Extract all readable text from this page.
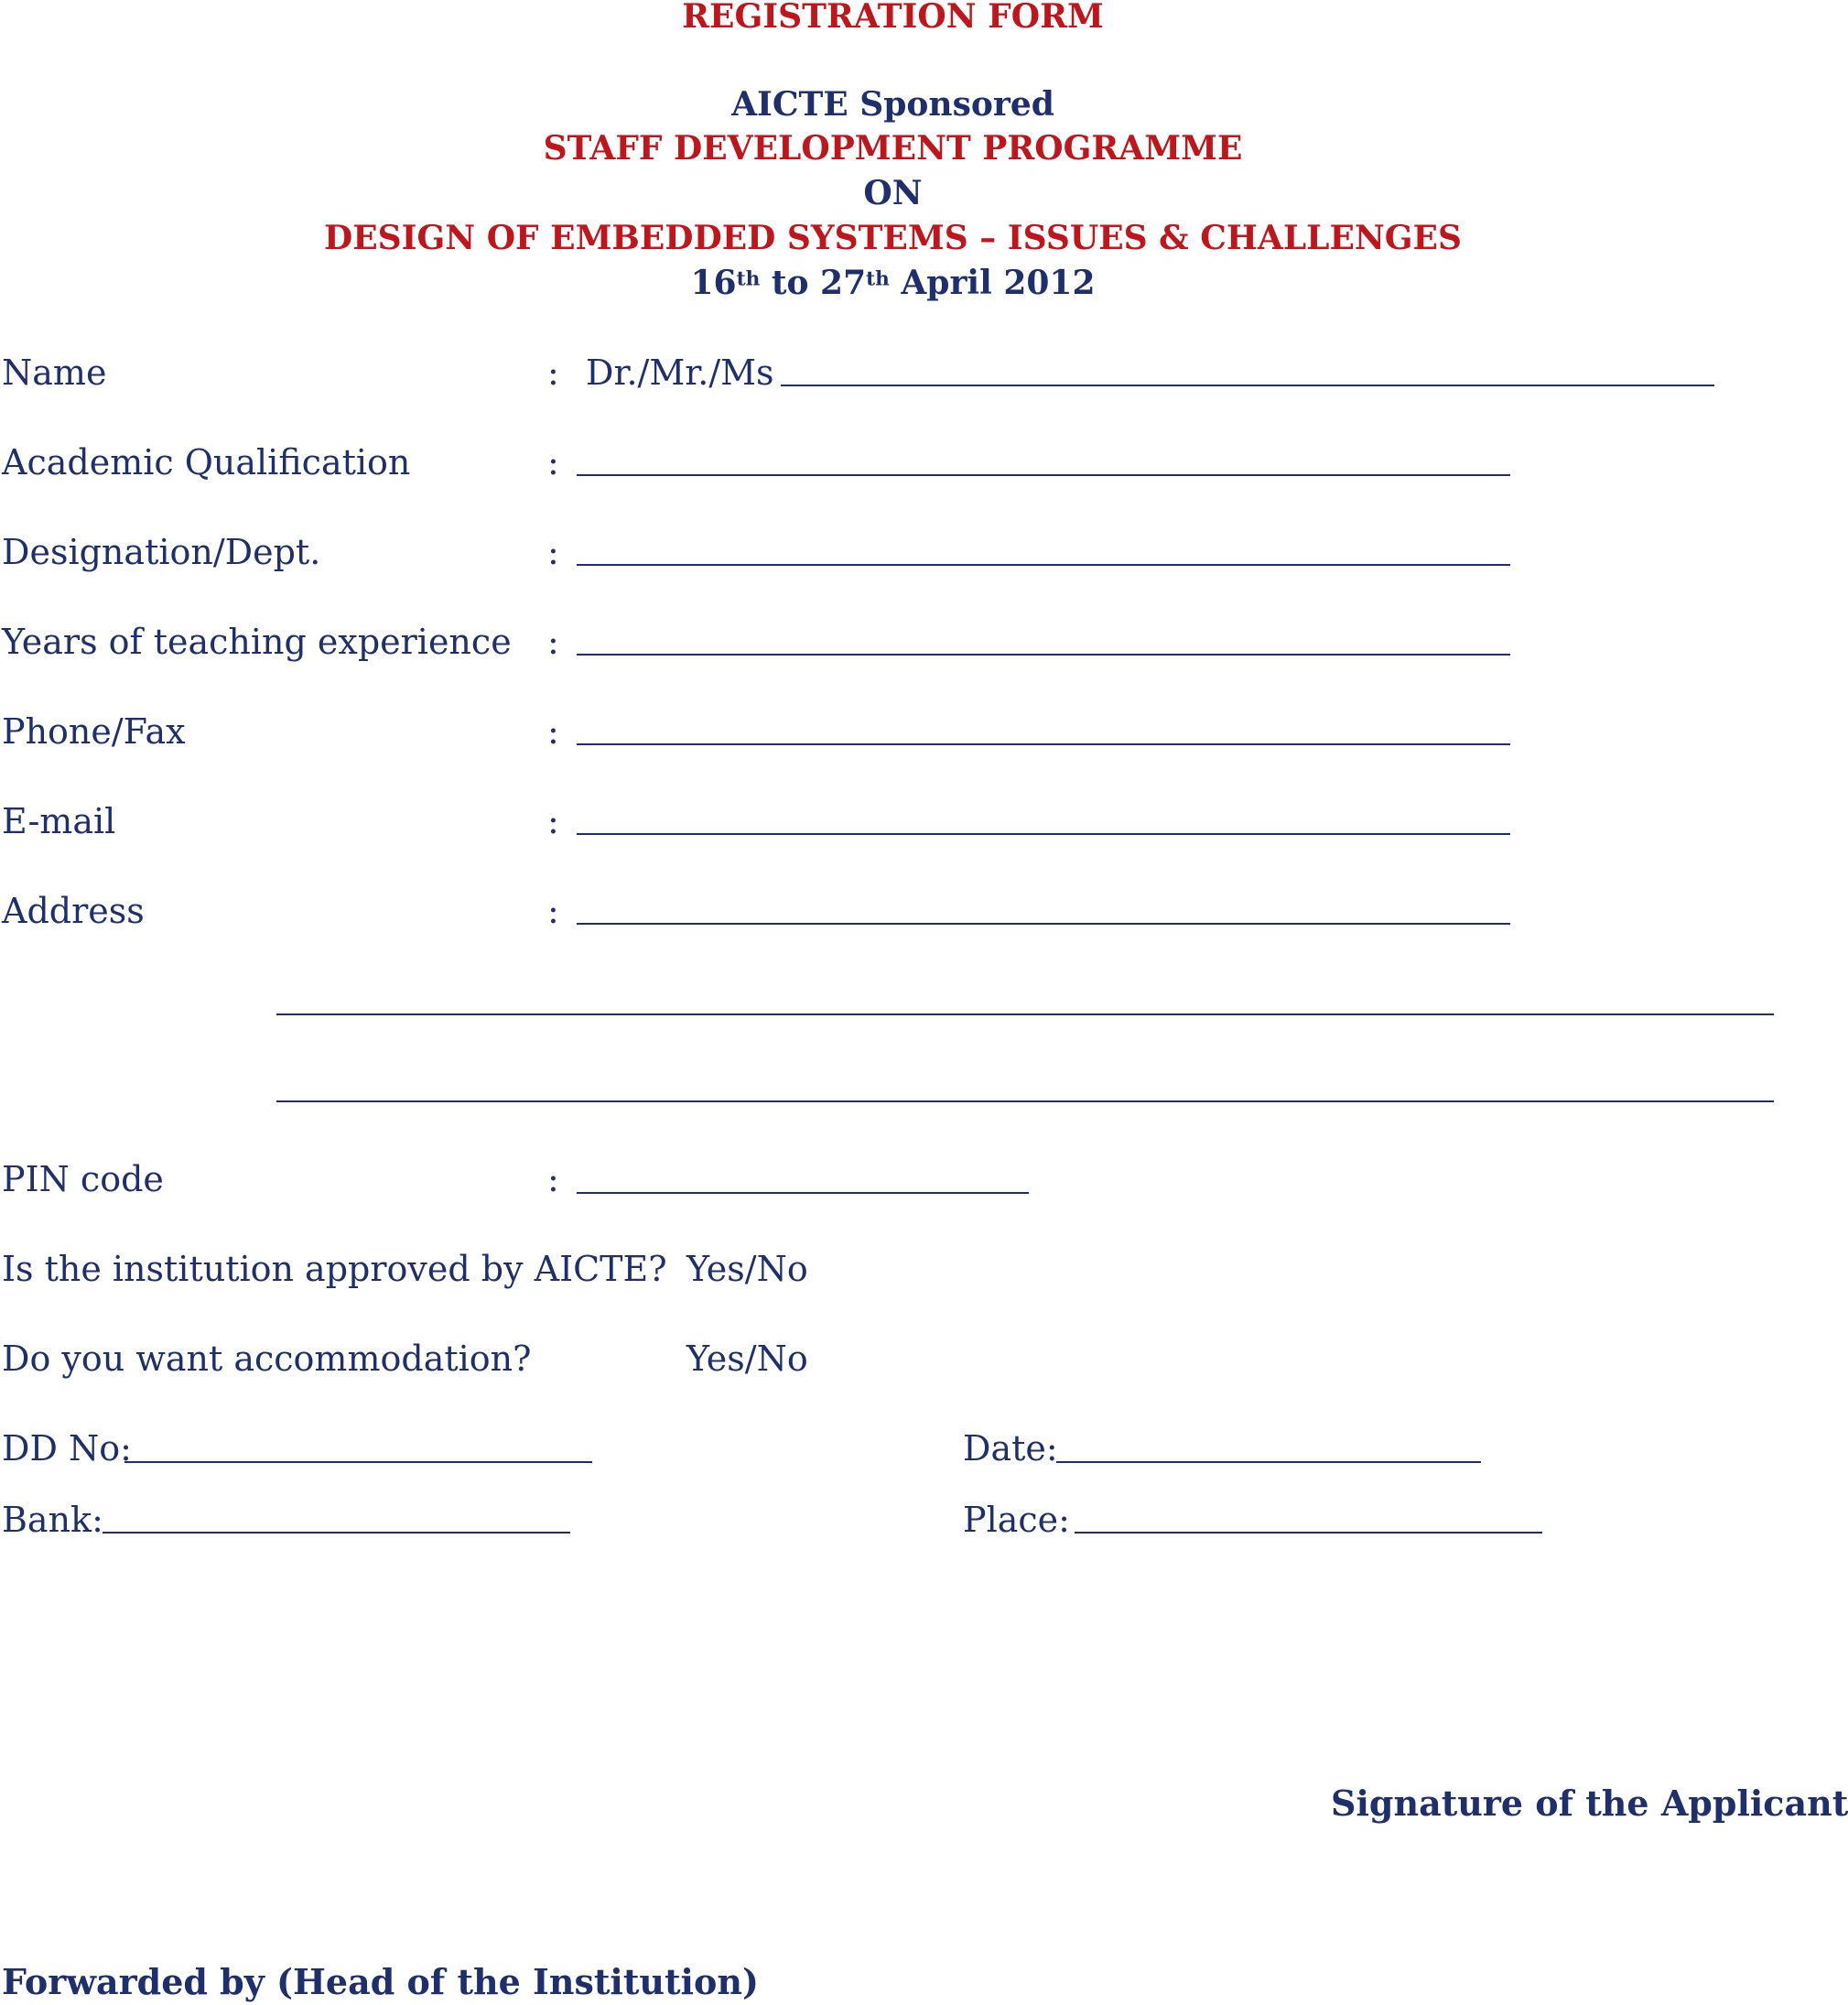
REGISTRATION FORM
AICTE Sponsored
STAFF DEVELOPMENT PROGRAMME
ON
DESIGN OF EMBEDDED SYSTEMS – ISSUES & CHALLENGES
16th to 27th April 2012
Name	: Dr./Mr./Ms
Academic Qualification	:
Designation/Dept.	:
Years of teaching experience :
Phone/Fax	:
E-mail	:
Address	:
PIN code	:
Is the institution approved by AICTE? Yes/No
Do you want accommodation?	Yes/No
DD No:	Date:
Bank:	Place:
Signature of the Applicant
Forwarded by (Head of the Institution)
